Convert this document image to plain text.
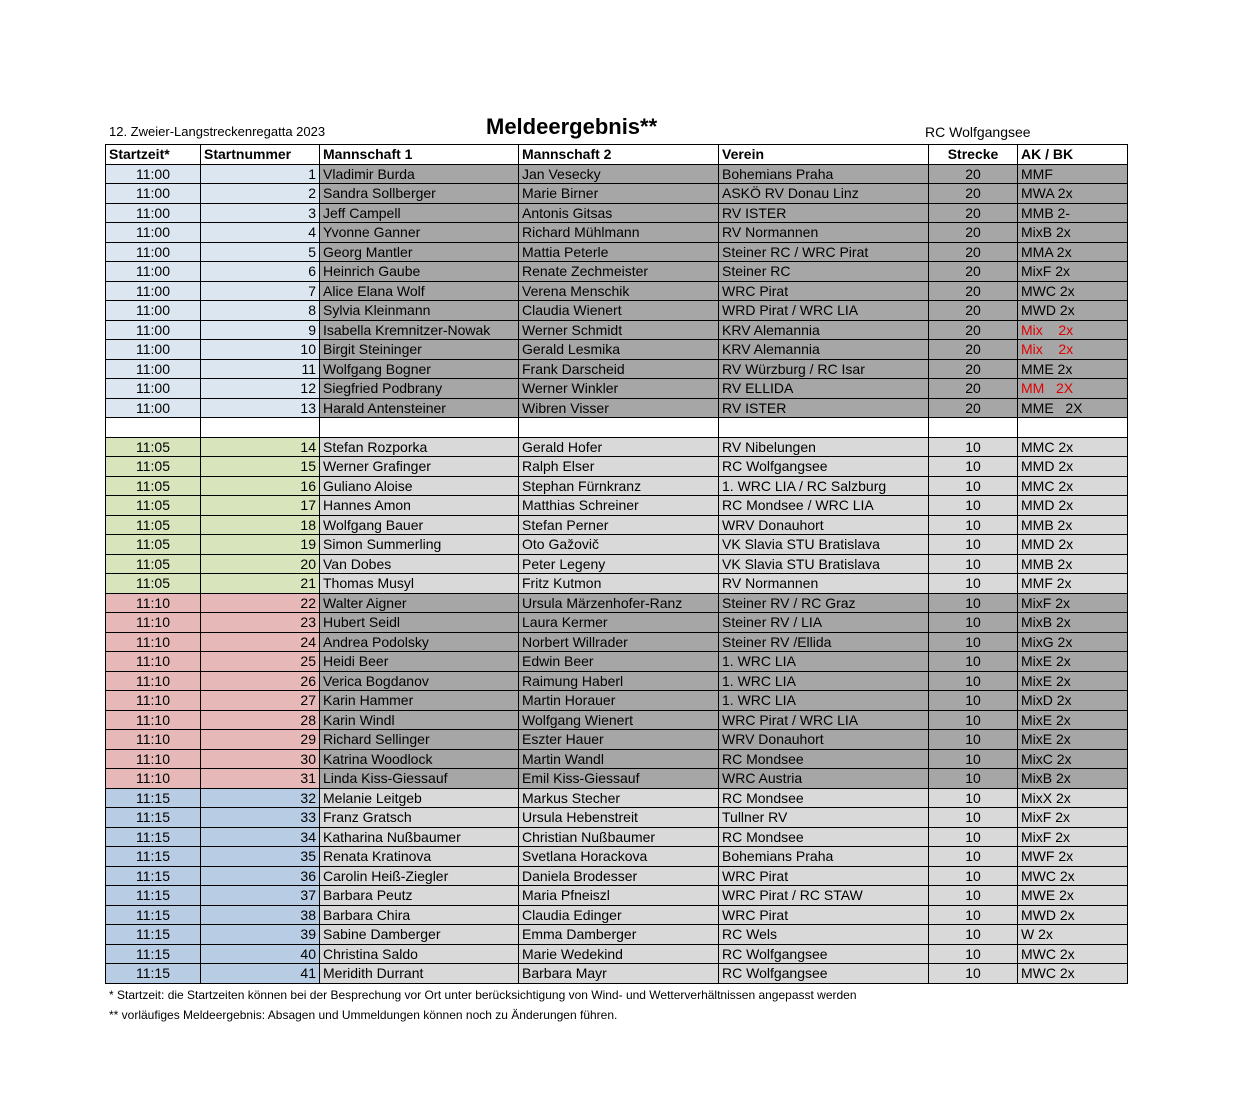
12. Zweier-Langstreckenregatta 2023	Meldeergebnis**	RC Wolfgangsee
Startzeit*	Startnummer	Mannschaft 1	Mannschaft 2	Verein	Strecke	AK / BK
11:00	1	Vladimir Burda	Jan Vesecky	Bohemians Praha	20	MMF
11:00	2	Sandra Sollberger	Marie Birner	ASKÖ RV Donau Linz	20	MWA 2x
11:00	3	Jeff Campell	Antonis Gitsas	RV ISTER	20	MMB 2-
11:00	4	Yvonne Ganner	Richard Mühlmann	RV Normannen	20	MixB 2x
11:00	5	Georg Mantler	Mattia Peterle	Steiner RC / WRC Pirat	20	MMA 2x
11:00	6	Heinrich Gaube	Renate Zechmeister	Steiner RC	20	MixF 2x
11:00	7	Alice Elana Wolf	Verena Menschik	WRC Pirat	20	MWC 2x
11:00	8	Sylvia Kleinmann	Claudia Wienert	WRD Pirat / WRC LIA	20	MWD 2x
11:00	9	Isabella Kremnitzer-Nowak	Werner Schmidt	KRV Alemannia	20	Mix    2x
11:00	10	Birgit Steininger	Gerald Lesmika	KRV Alemannia	20	Mix    2x
11:00	11	Wolfgang Bogner	Frank Darscheid	RV Würzburg / RC Isar	20	MME 2x
11:00	12	Siegfried Podbrany	Werner Winkler	RV ELLIDA	20	MM   2X
11:00	13	Harald Antensteiner	Wibren Visser	RV ISTER	20	MME   2X

11:05	14	Stefan Rozporka	Gerald Hofer	RV Nibelungen	10	MMC 2x
11:05	15	Werner Grafinger	Ralph Elser	RC Wolfgangsee	10	MMD 2x
11:05	16	Guliano Aloise	Stephan Fürnkranz	1. WRC LIA / RC Salzburg	10	MMC 2x
11:05	17	Hannes Amon	Matthias Schreiner	RC Mondsee / WRC LIA	10	MMD 2x
11:05	18	Wolfgang Bauer	Stefan Perner	WRV Donauhort	10	MMB 2x
11:05	19	Simon Summerling	Oto Gažovič	VK Slavia STU Bratislava	10	MMD 2x
11:05	20	Van Dobes	Peter Legeny	VK Slavia STU Bratislava	10	MMB 2x
11:05	21	Thomas Musyl	Fritz Kutmon	RV Normannen	10	MMF 2x
11:10	22	Walter Aigner	Ursula Märzenhofer-Ranz	Steiner RV / RC Graz	10	MixF 2x
11:10	23	Hubert Seidl	Laura Kermer	Steiner RV / LIA	10	MixB 2x
11:10	24	Andrea Podolsky	Norbert Willrader	Steiner RV /Ellida	10	MixG 2x
11:10	25	Heidi Beer	Edwin Beer	1. WRC LIA	10	MixE 2x
11:10	26	Verica Bogdanov	Raimung Haberl	1. WRC LIA	10	MixE 2x
11:10	27	Karin Hammer	Martin Horauer	1. WRC LIA	10	MixD 2x
11:10	28	Karin Windl	Wolfgang Wienert	WRC Pirat / WRC LIA	10	MixE 2x
11:10	29	Richard Sellinger	Eszter Hauer	WRV Donauhort	10	MixE 2x
11:10	30	Katrina Woodlock	Martin Wandl	RC Mondsee	10	MixC 2x
11:10	31	Linda Kiss-Giessauf	Emil Kiss-Giessauf	WRC Austria	10	MixB 2x
11:15	32	Melanie Leitgeb	Markus Stecher	RC Mondsee	10	MixX 2x
11:15	33	Franz Gratsch	Ursula Hebenstreit	Tullner RV	10	MixF 2x
11:15	34	Katharina Nußbaumer	Christian Nußbaumer	RC Mondsee	10	MixF 2x
11:15	35	Renata Kratinova	Svetlana Horackova	Bohemians Praha	10	MWF 2x
11:15	36	Carolin Heiß-Ziegler	Daniela Brodesser	WRC Pirat	10	MWC 2x
11:15	37	Barbara Peutz	Maria Pfneiszl	WRC Pirat / RC STAW	10	MWE 2x
11:15	38	Barbara Chira	Claudia Edinger	WRC Pirat	10	MWD 2x
11:15	39	Sabine Damberger	Emma Damberger	RC Wels	10	W 2x
11:15	40	Christina Saldo	Marie Wedekind	RC Wolfgangsee	10	MWC 2x
11:15	41	Meridith Durrant	Barbara Mayr	RC Wolfgangsee	10	MWC 2x
* Startzeit: die Startzeiten können bei der Besprechung vor Ort unter berücksichtigung von Wind- und Wetterverhältnissen angepasst werden
** vorläufiges Meldeergebnis: Absagen und Ummeldungen können noch zu Änderungen führen.
